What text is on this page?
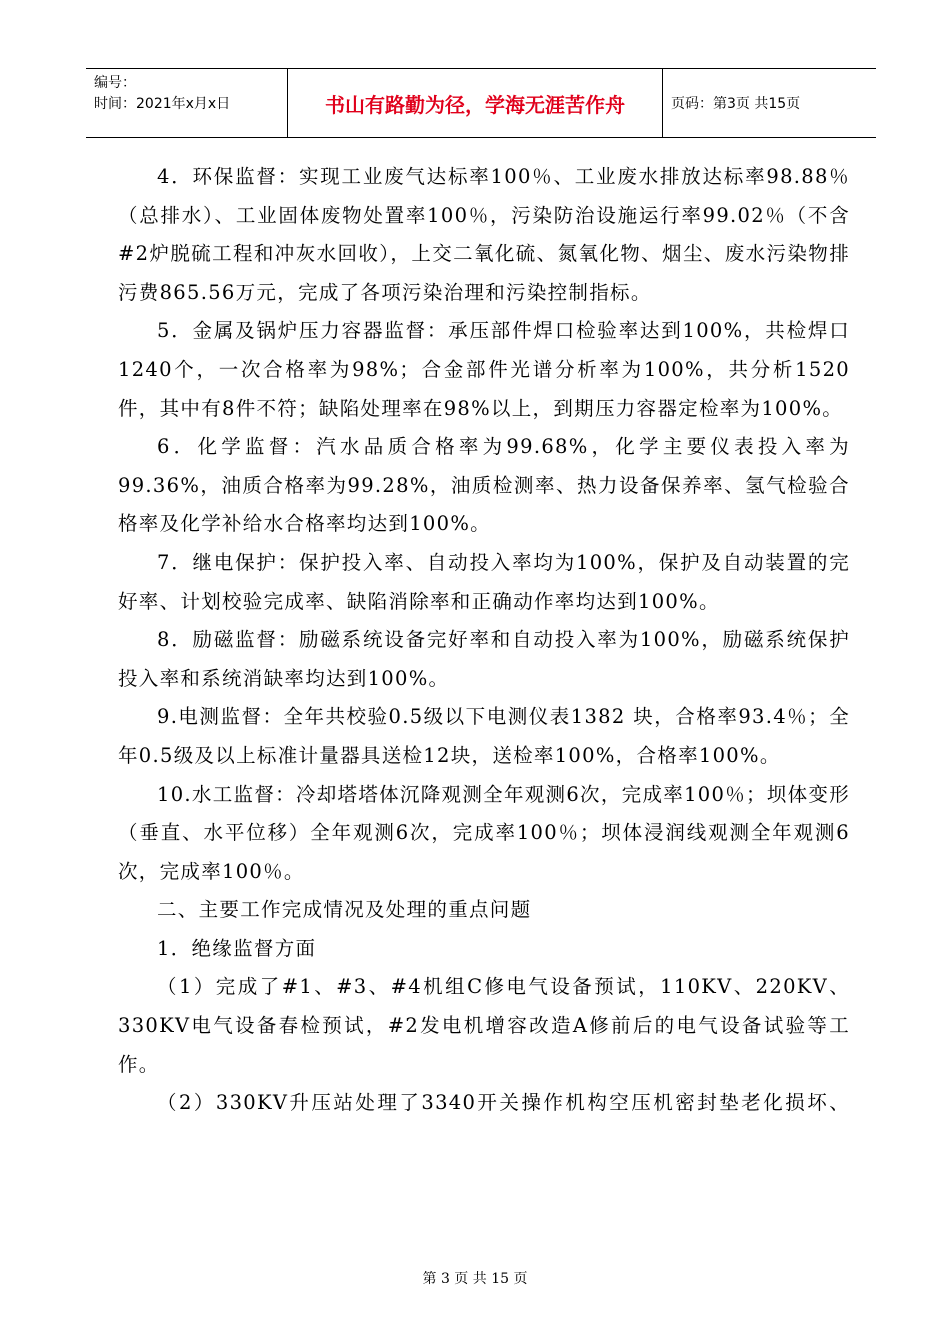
编号：
时间：2021年x月x日	书山有路勤为径，学海无涯苦作舟	页码：第3页 共15页

4．环保监督：实现工业废气达标率100％、工业废水排放达标率98.88％（总排水）、工业固体废物处置率100％，污染防治设施运行率99.02％（不含#2炉脱硫工程和冲灰水回收），上交二氧化硫、氮氧化物、烟尘、废水污染物排污费865.56万元，完成了各项污染治理和污染控制指标。

5．金属及锅炉压力容器监督：承压部件焊口检验率达到100%，共检焊口1240个，一次合格率为98%；合金部件光谱分析率为100%，共分析1520件，其中有8件不符；缺陷处理率在98%以上，到期压力容器定检率为100%。

6．化学监督：汽水品质合格率为99.68%，化学主要仪表投入率为99.36%，油质合格率为99.28%，油质检测率、热力设备保养率、氢气检验合格率及化学补给水合格率均达到100%。

7．继电保护：保护投入率、自动投入率均为100%，保护及自动装置的完好率、计划校验完成率、缺陷消除率和正确动作率均达到100%。

8．励磁监督：励磁系统设备完好率和自动投入率为100%，励磁系统保护投入率和系统消缺率均达到100%。

9.电测监督：全年共校验0.5级以下电测仪表1382 块，合格率93.4％；全年0.5级及以上标准计量器具送检12块，送检率100%，合格率100%。

10.水工监督：冷却塔塔体沉降观测全年观测6次，完成率100％；坝体变形（垂直、水平位移）全年观测6次，完成率100％；坝体浸润线观测全年观测6次，完成率100％。

二、主要工作完成情况及处理的重点问题

1．绝缘监督方面

（1）完成了#1、#3、#4机组C修电气设备预试，110KV、220KV、330KV电气设备春检预试，#2发电机增容改造A修前后的电气设备试验等工作。

（2）330KV升压站处理了3340开关操作机构空压机密封垫老化损坏、

第 3 页 共 15 页
